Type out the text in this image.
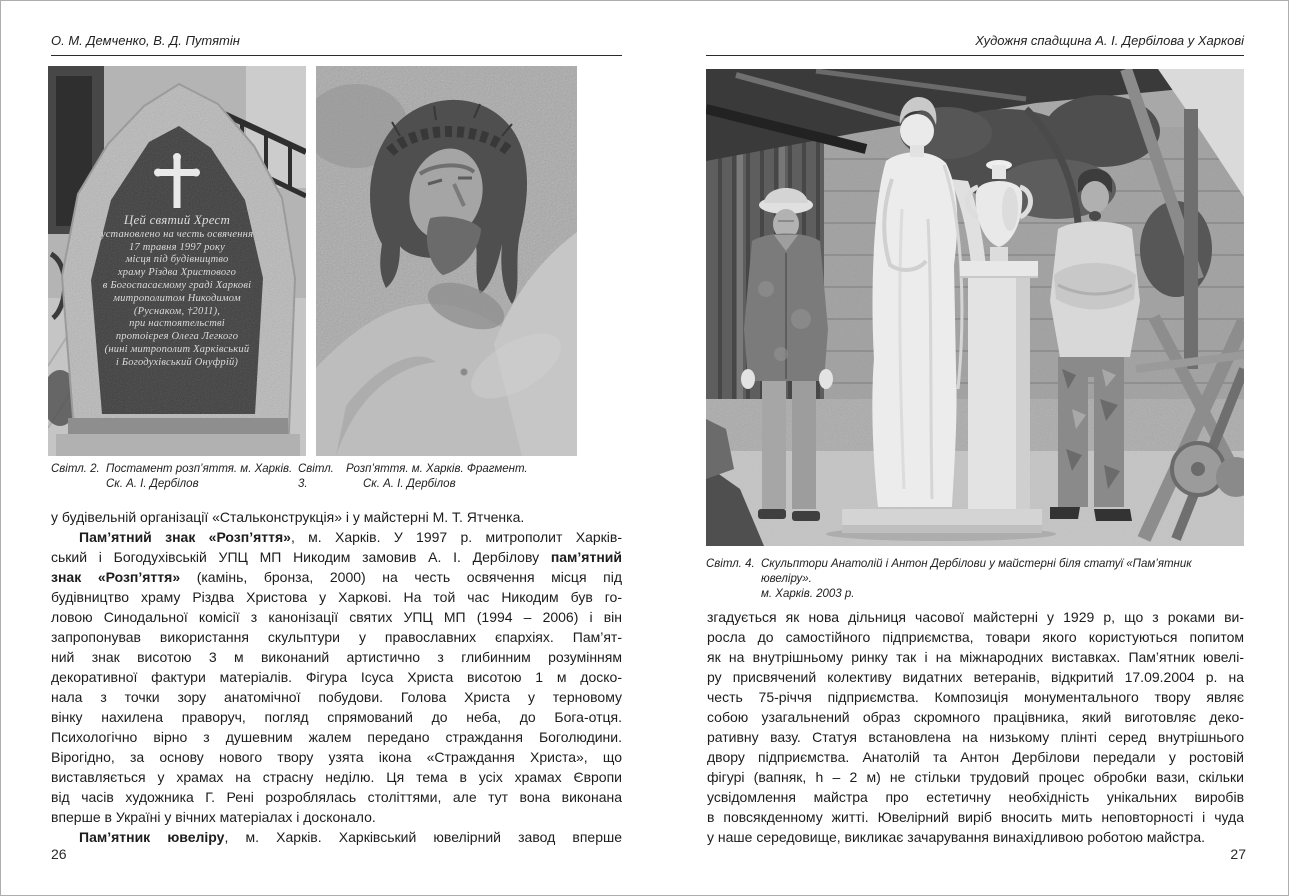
О. М. Демченко, В. Д. Путятін
Цей святий Хрест
установлено на честь освячення
17 травня 1997 року
місця під будівництво
храму Різдва Христового
в Богоспасаємому граді Харкові
митрополитом Никодимом
(Руснаком, †2011),
при настоятельстві
протоієрея Олега Легкого
(нині митрополит Харківський
і Богодухівський Онуфрій)
Світл. 2. Постамент розп’яття. м. Харків.
Ск. А. І. Дербілов
Світл. 3.
Розп’яття. м. Харків. Фрагмент.
Ск. А. І. Дербілов
у будівельній організації «Стальконструкція» і у майстерні М. Т. Ятченка.
Пам’ятний знак «Розп’яття», м. Харків. У 1997 р. митрополит Харків-
ський і Богодухівській УПЦ МП Никодим замовив А. І. Дербілову пам’ятний
знак «Розп’яття» (камінь, бронза, 2000) на честь освячення місця під
будівництво храму Різдва Христова у Харкові. На той час Никодим був го-
ловою Синодальної комісії з канонізації святих УПЦ МП (1994 – 2006) і він
запропонував використання скульптури у православних єпархіях. Пам’ят-
ний знак висотою 3 м виконаний артистично з глибинним розумінням
декоративної фактури матеріалів. Фігура Ісуса Христа висотою 1 м доско-
нала з точки зору анатомічної побудови. Голова Христа у терновому
вінку нахилена праворуч, погляд спрямований до неба, до Бога-отця.
Психологічно вірно з душевним жалем передано страждання Боголюдини.
Вірогідно, за основу нового твору узята ікона «Страждання Христа», що
виставляється у храмах на страсну неділю. Ця тема в усіх храмах Європи
від часів художника Г. Рені розроблялась століттями, але тут вона виконана
вперше в Україні у вічних матеріалах і досконало.
Пам’ятник ювеліру, м. Харків. Харківський ювелірний завод вперше
26
Художня спадщина А. І. Дербілова у Харкові
Світл. 4. Скульптори Анатолій і Антон Дербілови у майстерні біля статуї «Пам’ятник ювеліру».
м. Харків. 2003 р.
згадується як нова дільниця часової майстерні у 1929 р, що з роками ви-
росла до самостійного підприємства, товари якого користуються попитом
як на внутрішньому ринку так і на міжнародних виставках. Пам’ятник ювелі-
ру присвячений колективу видатних ветеранів, відкритий 17.09.2004 р. на
честь 75-річчя підприємства. Композиція монументального твору являє
собою узагальнений образ скромного працівника, який виготовляє деко-
ративну вазу. Статуя встановлена на низькому плінті серед внутрішнього
двору підприємства. Анатолій та Антон Дербілови передали у ростовій
фігурі (вапняк, h – 2 м) не стільки трудовий процес обробки вази, скільки
усвідомлення майстра про естетичну необхідність унікальних виробів
в повсякденному житті. Ювелірний виріб вносить мить неповторності і чуда
у наше середовище, викликає зачарування винахідливою роботою майстра.
27
